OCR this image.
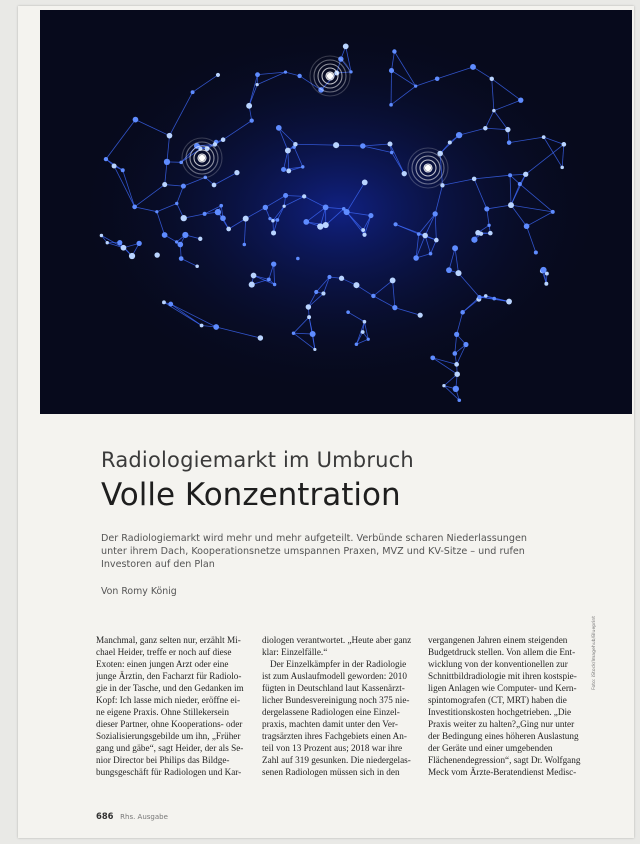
Radiologiemarkt im Umbruch
Volle Konzentration
Der Radiologiemarkt wird mehr und mehr aufgeteilt. Verbünde scharen Niederlassungen
unter ihrem Dach, Kooperationsnetze umspannen Praxen, MVZ und KV-Sitze – und rufen
Investoren auf den Plan
Von Romy König
Manchmal, ganz selten nur, erzählt Mi-
chael Heider, treffe er noch auf diese
Exoten: einen jungen Arzt oder eine
junge Ärztin, den Facharzt für Radiolo-
gie in der Tasche, und den Gedanken im
Kopf: Ich lasse mich nieder, eröffne ei-
ne eigene Praxis. Ohne Stillekersein
dieser Partner, ohne Kooperations- oder
Sozialisierungsgebilde um ihn, „Früher
gang und gäbe“, sagt Heider, der als Se-
nior Director bei Philips das Bildge-
bungsgeschäft für Radiologen und Kar-
diologen verantwortet. „Heute aber ganz
klar: Einzelfälle.“
Der Einzelkämpfer in der Radiologie
ist zum Auslaufmodell geworden: 2010
fügten in Deutschland laut Kassenärzt-
licher Bundesvereinigung noch 375 nie-
dergelassene Radiologen eine Einzel-
praxis, machten damit unter den Ver-
tragsärzten ihres Fachgebiets einen An-
teil von 13 Prozent aus; 2018 war ihre
Zahl auf 319 gesunken. Die niedergelas-
senen Radiologen müssen sich in den
vergangenen Jahren einem steigenden
Budgetdruck stellen. Von allem die Ent-
wicklung von der konventionellen zur
Schnittbildradiologie mit ihren kostspie-
ligen Anlagen wie Computer- und Kern-
spintomografen (CT, MRT) haben die
Investitionskosten hochgetrieben. „Die
Praxis weiter zu halten?„Ging nur unter
der Bedingung eines höheren Auslastung
der Geräte und einer umgebenden
Flächenendegression“, sagt Dr. Wolfgang
Meck vom Ärzte-Beratendienst Medisc-
Foto: iStock/Imagehub/Blueprint
686 Rhs. Ausgabe
